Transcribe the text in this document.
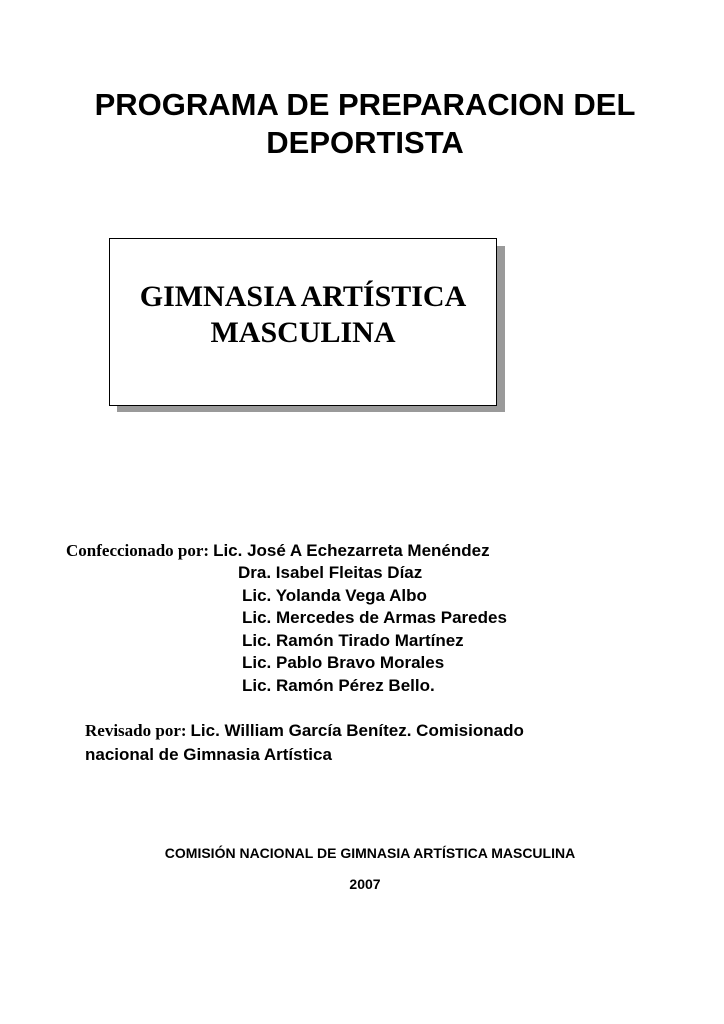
PROGRAMA DE PREPARACION DEL
DEPORTISTA
GIMNASIA ARTÍSTICA
MASCULINA
Confeccionado por: Lic. José A Echezarreta Menéndez
Dra. Isabel Fleitas Díaz
Lic. Yolanda Vega Albo
Lic. Mercedes de Armas Paredes
Lic. Ramón Tirado Martínez
Lic. Pablo Bravo Morales
Lic. Ramón Pérez Bello.
Revisado por: Lic. William García Benítez. Comisionado
nacional de Gimnasia Artística
COMISIÓN NACIONAL DE GIMNASIA ARTÍSTICA MASCULINA
2007
